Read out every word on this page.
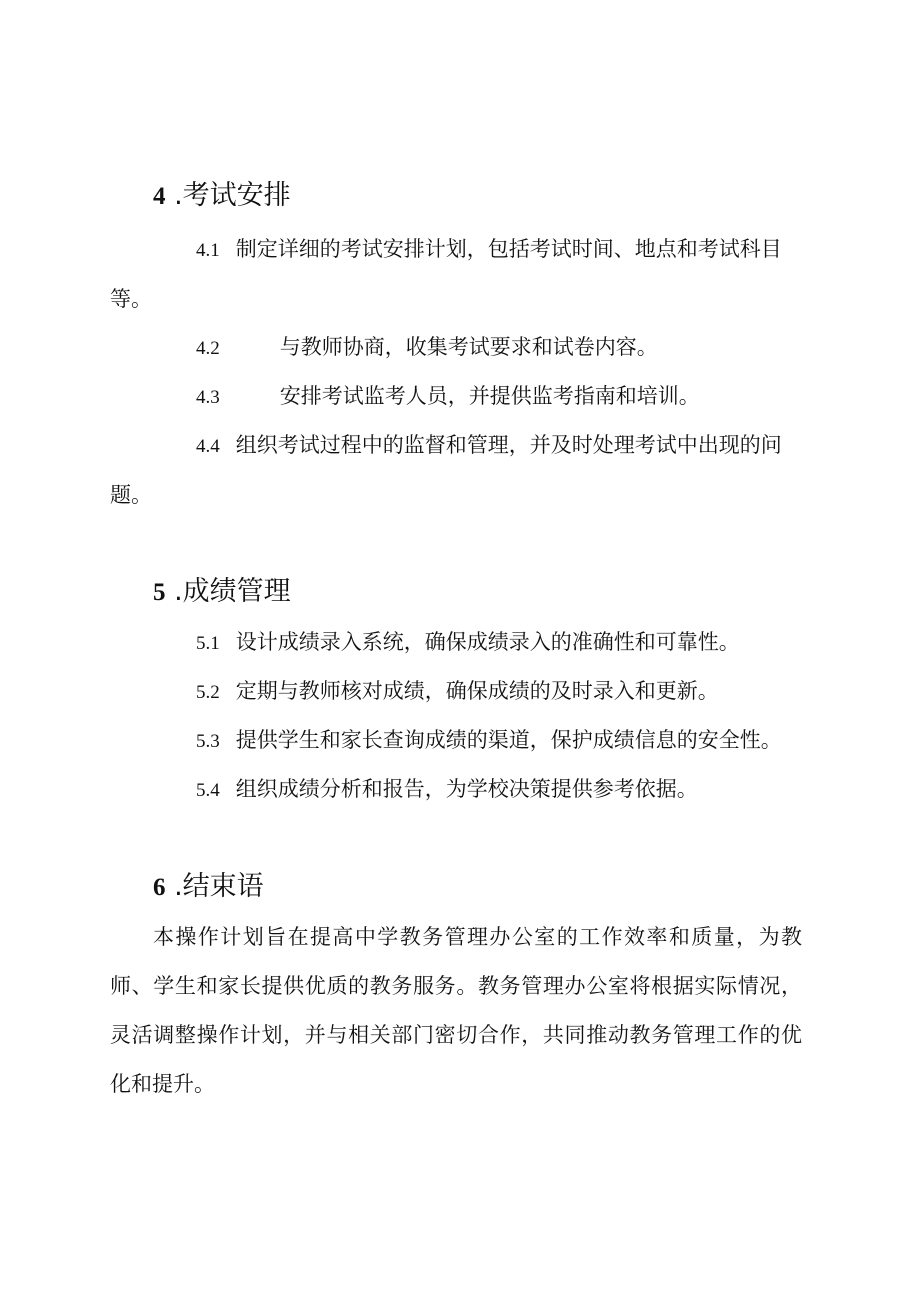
4 .考试安排

4.1 制定详细的考试安排计划，包括考试时间、地点和考试科目等。

4.2	与教师协商，收集考试要求和试卷内容。

4.3	安排考试监考人员，并提供监考指南和培训。

4.4 组织考试过程中的监督和管理，并及时处理考试中出现的问题。

5 .成绩管理

5.1 设计成绩录入系统，确保成绩录入的准确性和可靠性。

5.2 定期与教师核对成绩，确保成绩的及时录入和更新。

5.3 提供学生和家长查询成绩的渠道，保护成绩信息的安全性。

5.4 组织成绩分析和报告，为学校决策提供参考依据。

6 .结束语

本操作计划旨在提高中学教务管理办公室的工作效率和质量，为教师、学生和家长提供优质的教务服务。教务管理办公室将根据实际情况，灵活调整操作计划，并与相关部门密切合作，共同推动教务管理工作的优化和提升。
